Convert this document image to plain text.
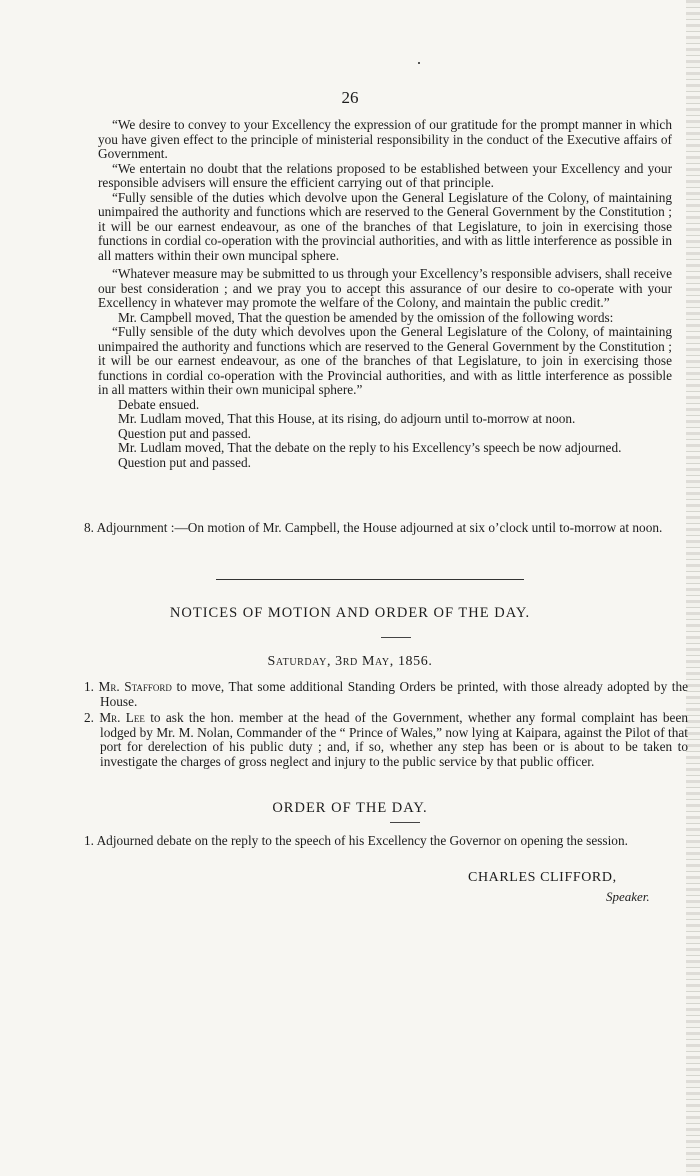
26

“We desire to convey to your Excellency the expression of our gratitude for the prompt manner in which you have given effect to the principle of ministerial responsibility in the conduct of the Executive affairs of Government.

“We entertain no doubt that the relations proposed to be established between your Excellency and your responsible advisers will ensure the efficient carrying out of that principle.

“Fully sensible of the duties which devolve upon the General Legislature of the Colony, of maintaining unimpaired the authority and functions which are reserved to the General Government by the Constitution ; it will be our earnest endeavour, as one of the branches of that Legislature, to join in exercising those functions in cordial co-operation with the provincial authorities, and with as little interference as possible in all matters within their own muncipal sphere.

“Whatever measure may be submitted to us through your Excellency’s responsible advisers, shall receive our best consideration ; and we pray you to accept this assurance of our desire to co-operate with your Excellency in whatever may promote the welfare of the Colony, and maintain the public credit.”

Mr. Campbell moved, That the question be amended by the omission of the following words:

“Fully sensible of the duty which devolves upon the General Legislature of the Colony, of maintaining unimpaired the authority and functions which are reserved to the General Government by the Constitution ; it will be our earnest endeavour, as one of the branches of that Legislature, to join in exercising those functions in cordial co-operation with the Provincial authorities, and with as little interference as possible in all matters within their own municipal sphere.”

Debate ensued.

Mr. Ludlam moved, That this House, at its rising, do adjourn until to-morrow at noon.

Question put and passed.

Mr. Ludlam moved, That the debate on the reply to his Excellency’s speech be now adjourned.

Question put and passed.

8. Adjournment :—On motion of Mr. Campbell, the House adjourned at six o’clock until to-morrow at noon.
NOTICES OF MOTION AND ORDER OF THE DAY.
Saturday, 3rd May, 1856.
1. Mr. Stafford to move, That some additional Standing Orders be printed, with those already adopted by the House.
2. Mr. Lee to ask the hon. member at the head of the Government, whether any formal complaint has been lodged by Mr. M. Nolan, Commander of the “ Prince of Wales,” now lying at Kaipara, against the Pilot of that port for derelection of his public duty ; and, if so, whether any step has been or is about to be taken to investigate the charges of gross neglect and injury to the public service by that public officer.
ORDER OF THE DAY.
1. Adjourned debate on the reply to the speech of his Excellency the Governor on opening the session.
CHARLES CLIFFORD,
Speaker.
